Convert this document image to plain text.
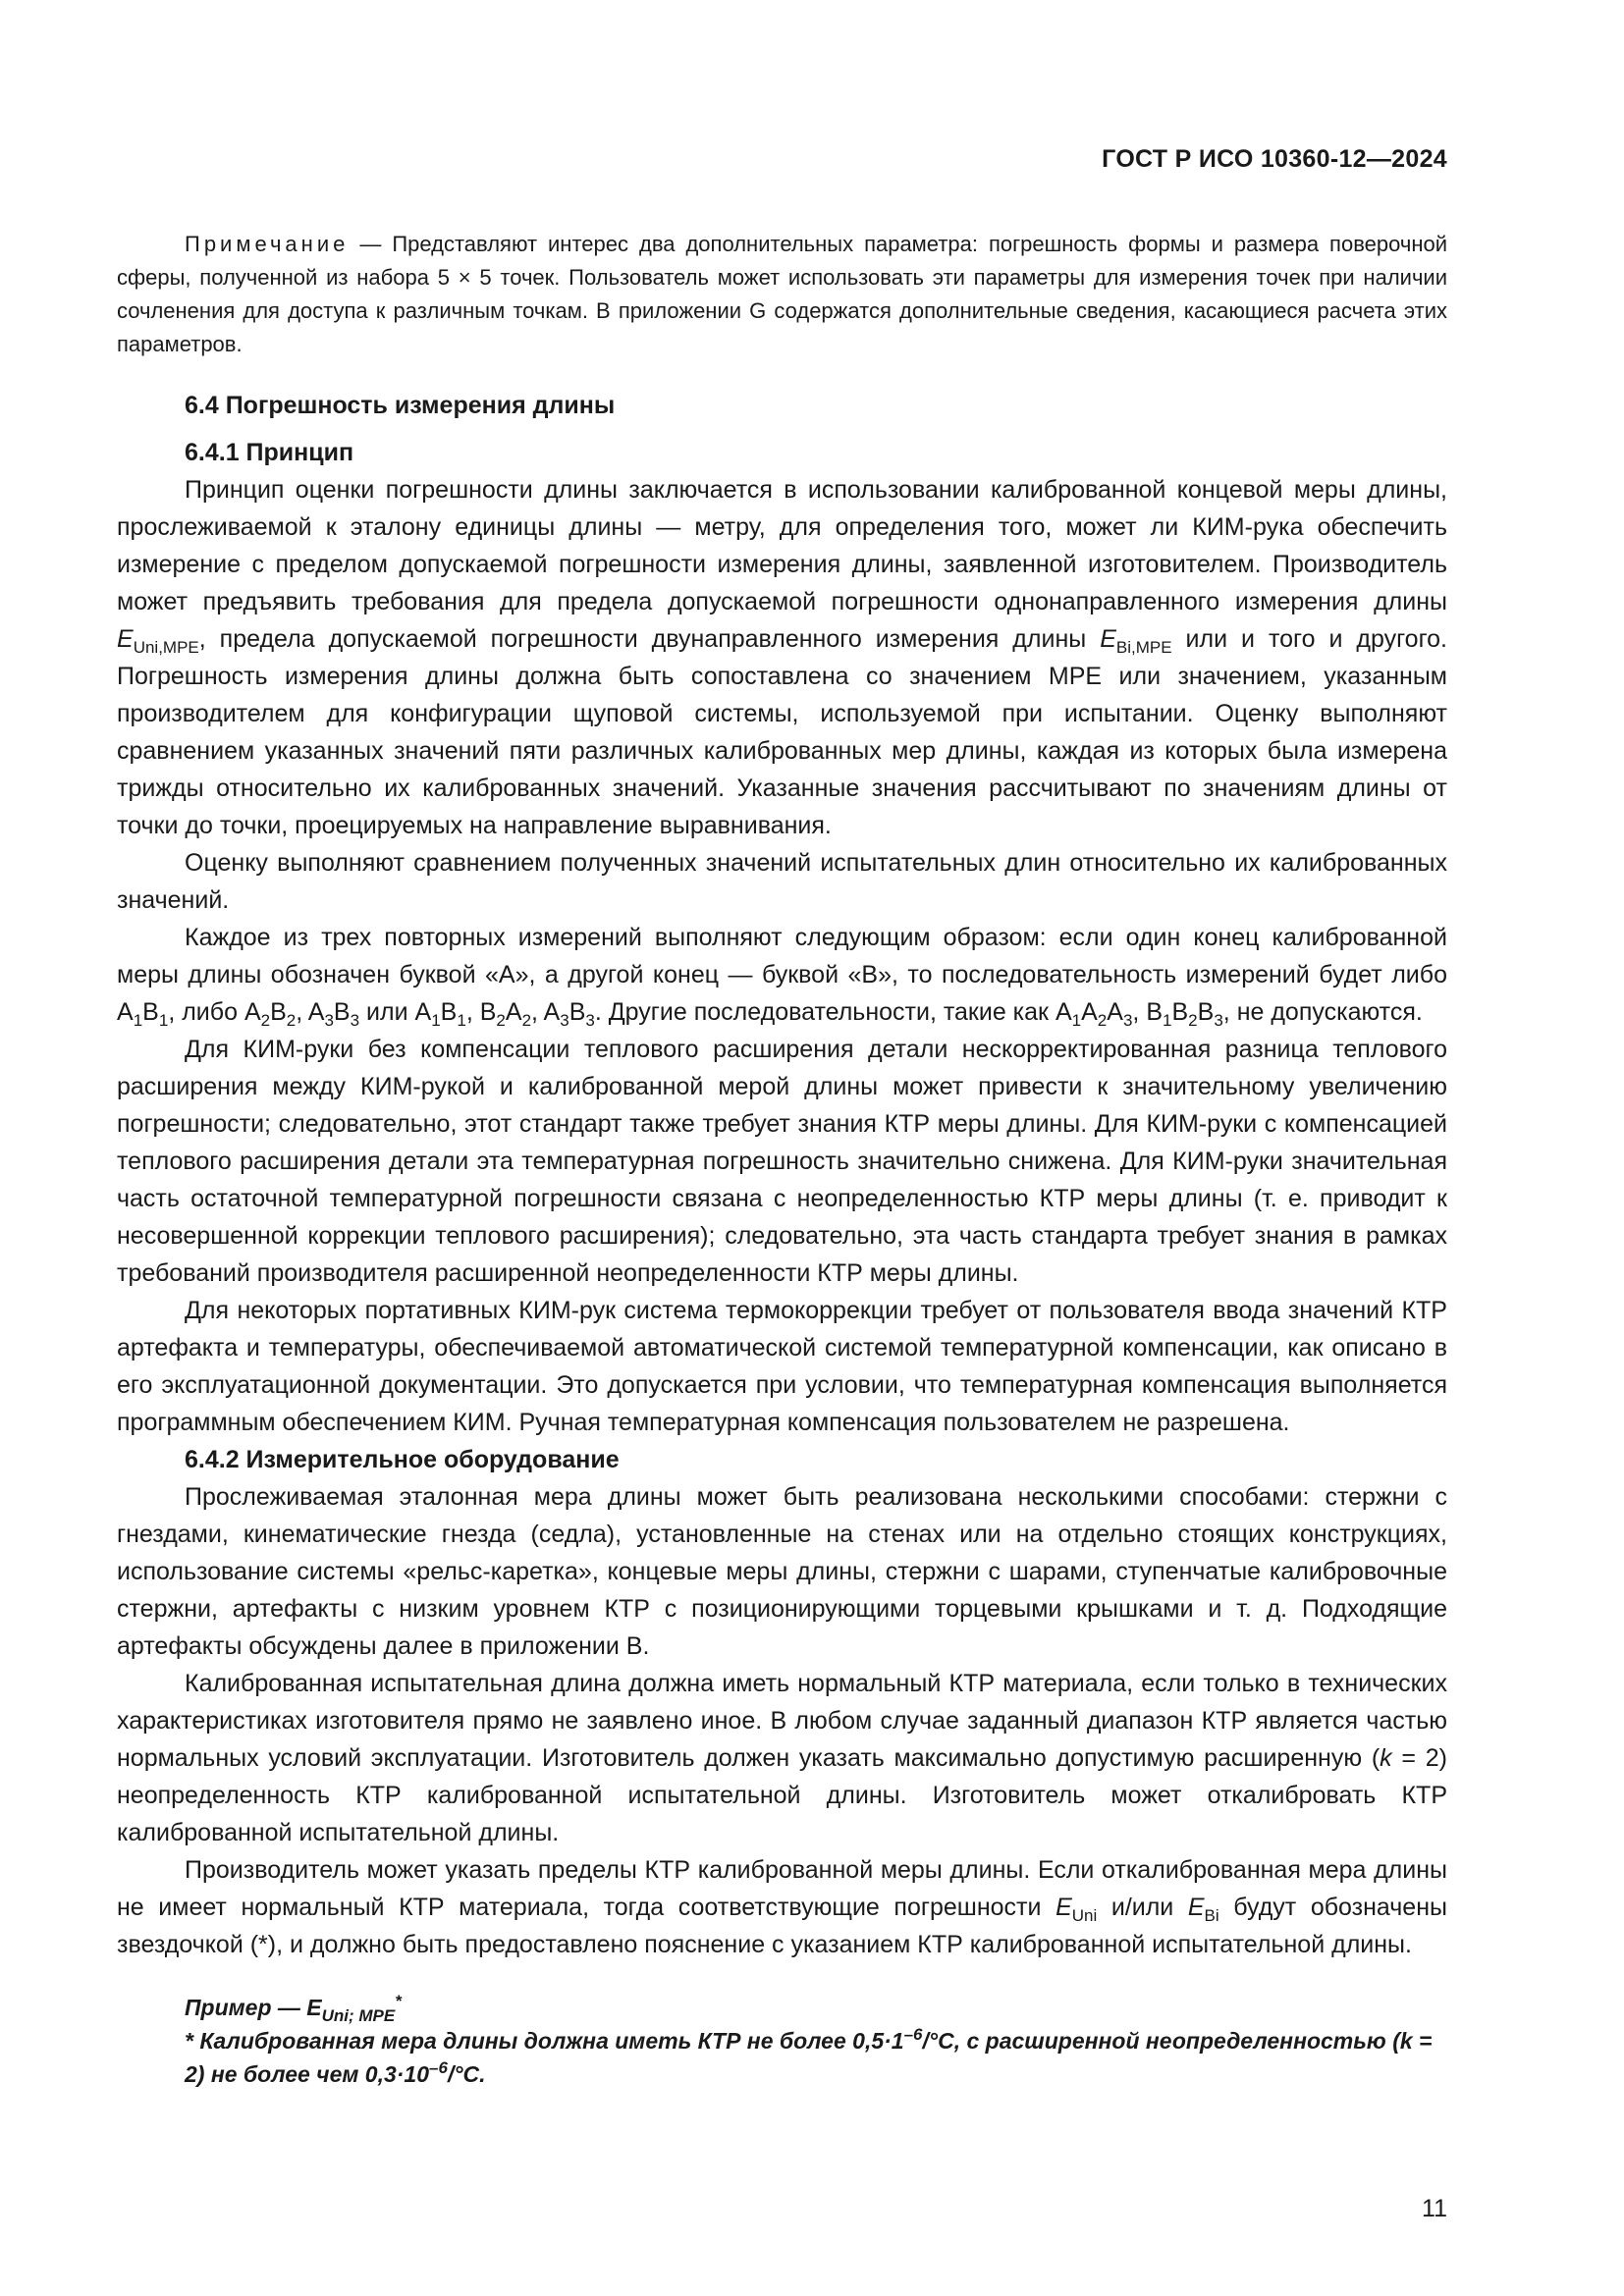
ГОСТ Р ИСО 10360-12—2024
Примечание — Представляют интерес два дополнительных параметра: погрешность формы и размера поверочной сферы, полученной из набора 5 × 5 точек. Пользователь может использовать эти параметры для измерения точек при наличии сочленения для доступа к различным точкам. В приложении G содержатся дополнительные сведения, касающиеся расчета этих параметров.
6.4 Погрешность измерения длины
6.4.1 Принцип

Принцип оценки погрешности длины заключается в использовании калиброванной концевой меры длины, прослеживаемой к эталону единицы длины — метру, для определения того, может ли КИМ-рука обеспечить измерение с пределом допускаемой погрешности измерения длины, заявленной изготовителем. Производитель может предъявить требования для предела допускаемой погрешности однонаправленного измерения длины $E_{Uni,MPE}$, предела допускаемой погрешности двунаправленного измерения длины $E_{Bi,MPE}$ или и того и другого. Погрешность измерения длины должна быть сопоставлена со значением MPE или значением, указанным производителем для конфигурации щуповой системы, используемой при испытании. Оценку выполняют сравнением указанных значений пяти различных калиброванных мер длины, каждая из которых была измерена трижды относительно их калиброванных значений. Указанные значения рассчитывают по значениям длины от точки до точки, проецируемых на направление выравнивания.

Оценку выполняют сравнением полученных значений испытательных длин относительно их калиброванных значений.

Каждое из трех повторных измерений выполняют следующим образом: если один конец калиброванной меры длины обозначен буквой «A», а другой конец — буквой «B», то последовательность измерений будет либо $A_1B_1$, либо $A_2B_2$, $A_3B_3$ или $A_1B_1$, $B_2A_2$, $A_3B_3$. Другие последовательности, такие как $A_1A_2A_3$, $B_1B_2B_3$, не допускаются.

Для КИМ-руки без компенсации теплового расширения детали нескорректированная разница теплового расширения между КИМ-рукой и калиброванной мерой длины может привести к значительному увеличению погрешности; следовательно, этот стандарт также требует знания КТР меры длины. Для КИМ-руки с компенсацией теплового расширения детали эта температурная погрешность значительно снижена. Для КИМ-руки значительная часть остаточной температурной погрешности связана с неопределенностью КТР меры длины (т. е. приводит к несовершенной коррекции теплового расширения); следовательно, эта часть стандарта требует знания в рамках требований производителя расширенной неопределенности КТР меры длины.

Для некоторых портативных КИМ-рук система термокоррекции требует от пользователя ввода значений КТР артефакта и температуры, обеспечиваемой автоматической системой температурной компенсации, как описано в его эксплуатационной документации. Это допускается при условии, что температурная компенсация выполняется программным обеспечением КИМ. Ручная температурная компенсация пользователем не разрешена.

6.4.2 Измерительное оборудование

Прослеживаемая эталонная мера длины может быть реализована несколькими способами: стержни с гнездами, кинематические гнезда (седла), установленные на стенах или на отдельно стоящих конструкциях, использование системы «рельс-каретка», концевые меры длины, стержни с шарами, ступенчатые калибровочные стержни, артефакты с низким уровнем КТР с позиционирующими торцевыми крышками и т. д. Подходящие артефакты обсуждены далее в приложении B.

Калиброванная испытательная длина должна иметь нормальный КТР материала, если только в технических характеристиках изготовителя прямо не заявлено иное. В любом случае заданный диапазон КТР является частью нормальных условий эксплуатации. Изготовитель должен указать максимально допустимую расширенную (k = 2) неопределенность КТР калиброванной испытательной длины. Изготовитель может откалибровать КТР калиброванной испытательной длины.

Производитель может указать пределы КТР калиброванной меры длины. Если откалиброванная мера длины не имеет нормальный КТР материала, тогда соответствующие погрешности $E_{Uni}$ и/или $E_{Bi}$ будут обозначены звездочкой (*), и должно быть предоставлено пояснение с указанием КТР калиброванной испытательной длины.

Пример — $E_{Uni; MPE}^*$
* Калиброванная мера длины должна иметь КТР не более $0,5\cdot 1^{-6}/^\circ C$, с расширенной неопределенностью (k = 2) не более чем $0,3\cdot 10^{-6}/^\circ C$.
11
